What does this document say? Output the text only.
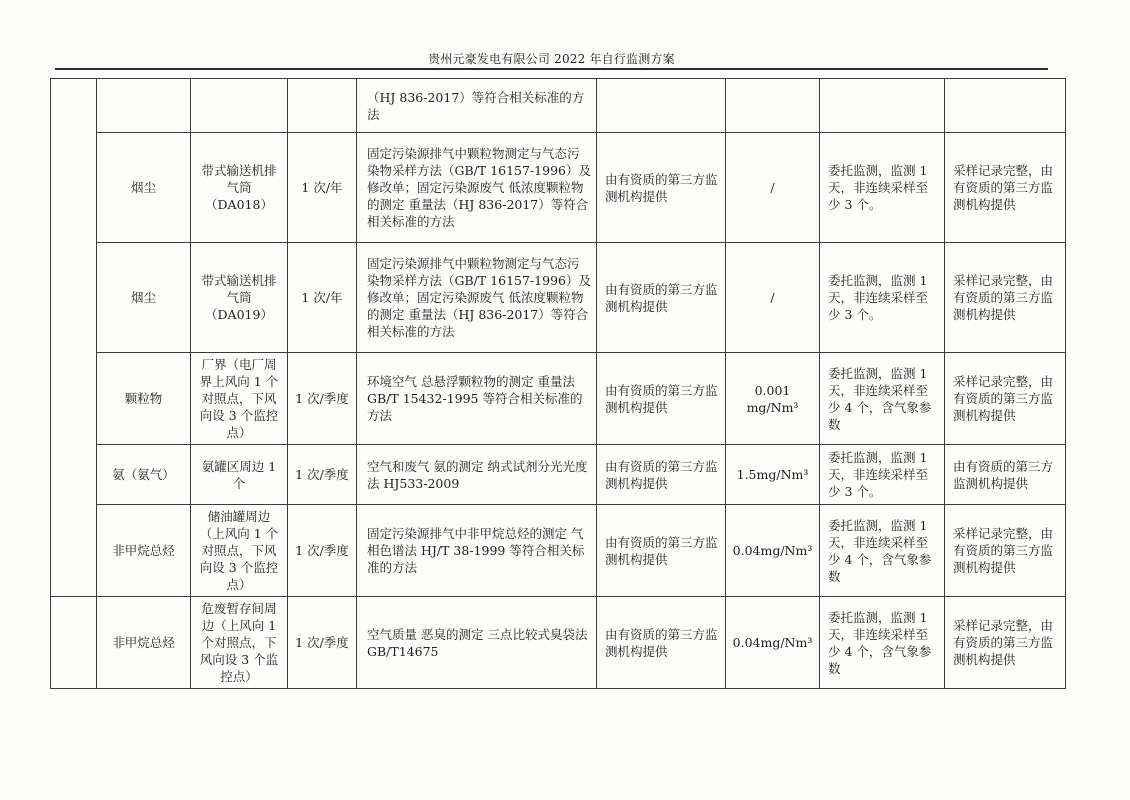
贵州元豪发电有限公司 2022 年自行监测方案
				（HJ 836-2017）等符合相关标准的方法				
	烟尘	带式输送机排气筒（DA018）	1 次/年	固定污染源排气中颗粒物测定与气态污染物采样方法（GB/T 16157-1996）及修改单；固定污染源废气 低浓度颗粒物的测定 重量法（HJ 836-2017）等符合相关标准的方法	由有资质的第三方监测机构提供	/	委托监测，监测 1 天，非连续采样至少 3 个。	采样记录完整，由有资质的第三方监测机构提供
	烟尘	带式输送机排气筒（DA019）	1 次/年	固定污染源排气中颗粒物测定与气态污染物采样方法（GB/T 16157-1996）及修改单；固定污染源废气 低浓度颗粒物的测定 重量法（HJ 836-2017）等符合相关标准的方法	由有资质的第三方监测机构提供	/	委托监测，监测 1 天，非连续采样至少 3 个。	采样记录完整，由有资质的第三方监测机构提供
	颗粒物	厂界（电厂周界上风向 1 个对照点，下风向设 3 个监控点）	1 次/季度	环境空气 总悬浮颗粒物的测定 重量法 GB/T 15432-1995 等符合相关标准的方法	由有资质的第三方监测机构提供	0.001 mg/Nm³	委托监测，监测 1 天，非连续采样至少 4 个，含气象参数	采样记录完整，由有资质的第三方监测机构提供
	氨（氨气）	氨罐区周边 1 个	1 次/季度	空气和废气 氨的测定 纳式试剂分光光度法 HJ533-2009	由有资质的第三方监测机构提供	1.5mg/Nm³	委托监测，监测 1 天，非连续采样至少 3 个。	由有资质的第三方监测机构提供
	非甲烷总烃	储油罐周边（上风向 1 个对照点，下风向设 3 个监控点）	1 次/季度	固定污染源排气中非甲烷总烃的测定 气相色谱法 HJ/T 38-1999 等符合相关标准的方法	由有资质的第三方监测机构提供	0.04mg/Nm³	委托监测，监测 1 天，非连续采样至少 4 个，含气象参数	采样记录完整，由有资质的第三方监测机构提供
	非甲烷总烃	危废暂存间周边（上风向 1 个对照点，下风向设 3 个监控点）	1 次/季度	空气质量 恶臭的测定 三点比较式臭袋法 GB/T14675	由有资质的第三方监测机构提供	0.04mg/Nm³	委托监测，监测 1 天，非连续采样至少 4 个，含气象参数	采样记录完整，由有资质的第三方监测机构提供
